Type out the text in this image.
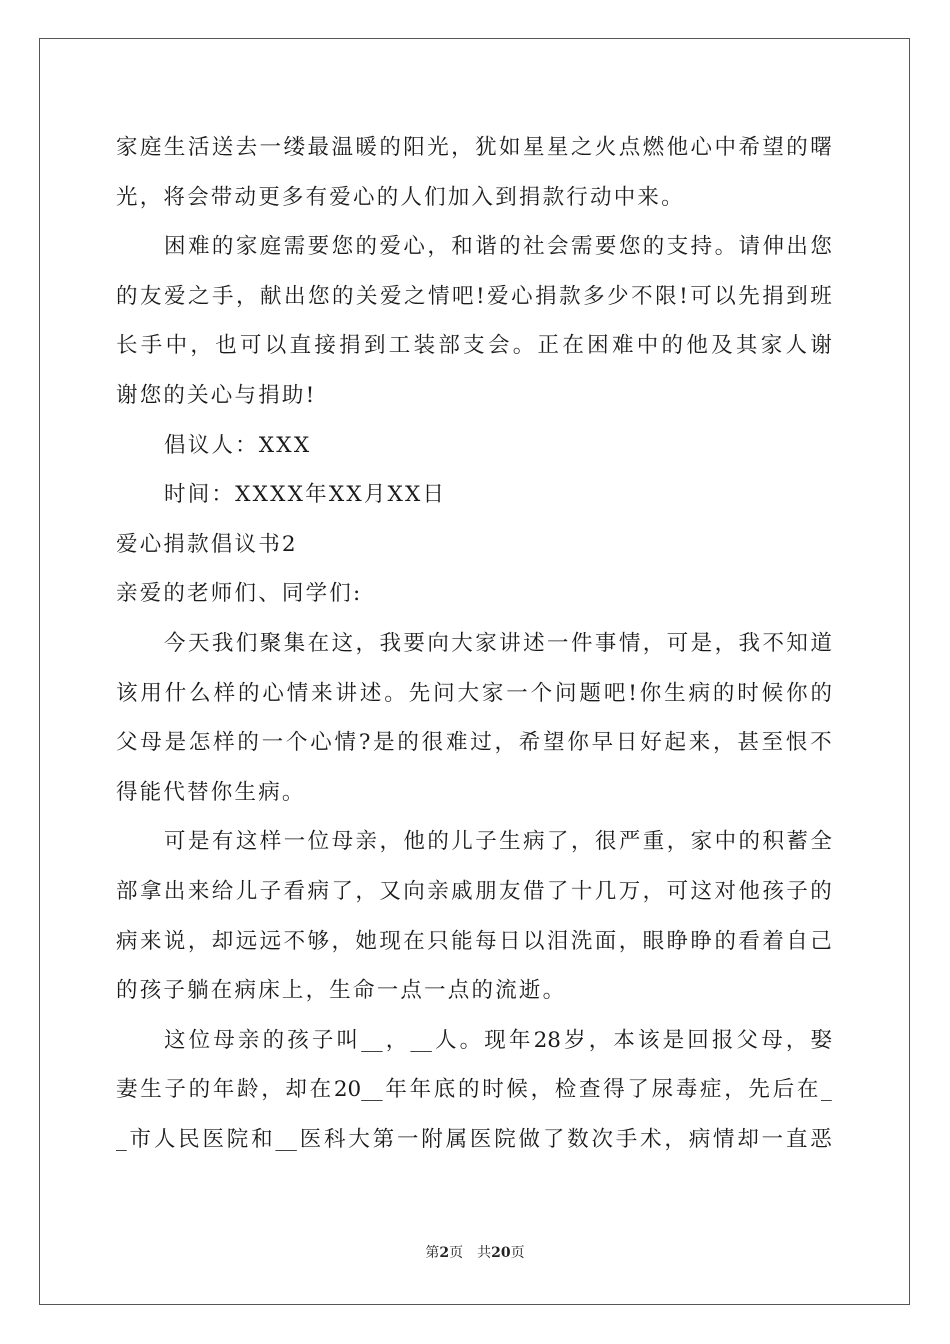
家 庭 生 活 送 去 一 缕 最 温 暖 的 阳 光 ， 犹 如 星 星 之 火 点 燃 他 心 中 希 望 的 曙
光，将会带动更多有爱心的人们加入到捐款行动中来。
困 难 的 家 庭 需 要 您 的 爱 心 ， 和 谐 的 社 会 需 要 您 的 支 持 。 请 伸 出 您
的 友 爱 之 手 ， 献 出 您 的 关 爱 之 情 吧 ! 爱 心 捐 款 多 少 不 限 ! 可 以 先 捐 到 班
长 手 中 ， 也 可 以 直 接 捐 到 工 装 部 支 会 。 正 在 困 难 中 的 他 及 其 家 人 谢
谢您的关心与捐助!
倡议人：XXX
时间：XXXX年XX月XX日
爱心捐款倡议书2
亲爱的老师们、同学们:
今 天 我 们 聚 集 在 这 ， 我 要 向 大 家 讲 述 一 件 事 情 ， 可 是 ， 我 不 知 道
该 用 什 么 样 的 心 情 来 讲 述 。 先 问 大 家 一 个 问 题 吧 ! 你 生 病 的 时 候 你 的
父 母 是 怎 样 的 一 个 心 情 ? 是 的 很 难 过 ， 希 望 你 早 日 好 起 来 ， 甚 至 恨 不
得能代替你生病。
可 是 有 这 样 一 位 母 亲 ， 他 的 儿 子 生 病 了 ， 很 严 重 ， 家 中 的 积 蓄 全
部 拿 出 来 给 儿 子 看 病 了 ， 又 向 亲 戚 朋 友 借 了 十 几 万 ， 可 这 对 他 孩 子 的
病 来 说 ， 却 远 远 不 够 ， 她 现 在 只 能 每 日 以 泪 洗 面 ， 眼 睁 睁 的 看 着 自 己
的孩子躺在病床上，生命一点一点的流逝。
这 位 母 亲 的 孩 子 叫 __ ， __ 人 。 现 年 28 岁 ， 本 该 是 回 报 父 母 ， 娶
妻 生 子 的 年 龄 ， 却 在 20__ 年 年 底 的 时 候 ， 检 查 得 了 尿 毒 症 ， 先 后 在 _
_ 市 人 民 医 院 和 __ 医 科 大 第 一 附 属 医 院 做 了 数 次 手 术 ， 病 情 却 一 直 恶
第2页　共20页
